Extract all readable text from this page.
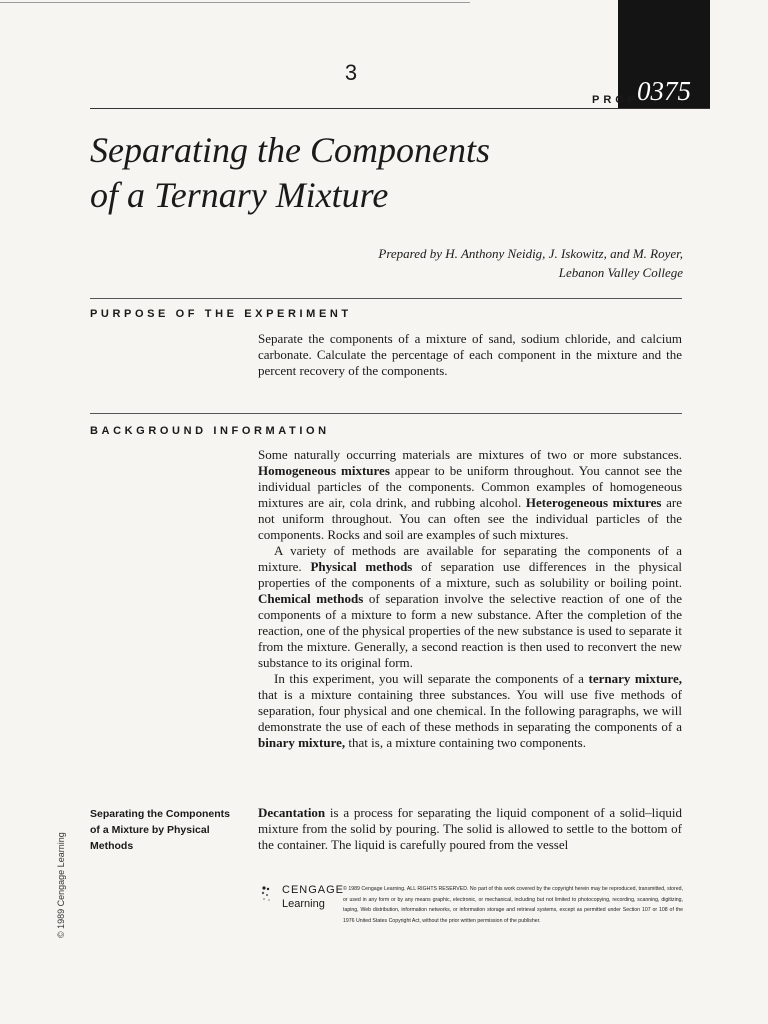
3
0375
PROP
Separating the Components
of a Ternary Mixture
Prepared by H. Anthony Neidig, J. Iskowitz, and M. Royer,
Lebanon Valley College
PURPOSE OF THE EXPERIMENT

Separate the components of a mixture of sand, sodium chloride, and calcium carbonate. Calculate the percentage of each component in the mixture and the percent recovery of the components.

BACKGROUND INFORMATION

Some naturally occurring materials are mixtures of two or more substances. Homogeneous mixtures appear to be uniform throughout. You cannot see the individual particles of the components. Common examples of homogeneous mixtures are air, cola drink, and rubbing alcohol. Heterogeneous mixtures are not uniform throughout. You can often see the individual particles of the components. Rocks and soil are examples of such mixtures.

A variety of methods are available for separating the components of a mixture. Physical methods of separation use differences in the physical properties of the components of a mixture, such as solubility or boiling point. Chemical methods of separation involve the selective reaction of one of the components of a mixture to form a new substance. After the completion of the reaction, one of the physical properties of the new substance is used to separate it from the mixture. Generally, a second reaction is then used to reconvert the new substance to its original form.

In this experiment, you will separate the components of a ternary mixture, that is a mixture containing three substances. You will use five methods of separation, four physical and one chemical. In the following paragraphs, we will demonstrate the use of each of these methods in separating the components of a binary mixture, that is, a mixture containing two components.

Separating the Components
of a Mixture by Physical
Methods

Decantation is a process for separating the liquid component of a solid–liquid mixture from the solid by pouring. The solid is allowed to settle to the bottom of the container. The liquid is carefully poured from the vessel

© 1989 Cengage Learning	CENGAGE
Learning
© 1989 Cengage Learning. ALL RIGHTS RESERVED. No part of this work covered by the copyright herein may be reproduced, transmitted, stored, or used in any form or by any means graphic, electronic, or mechanical, including but not limited to photocopying, recording, scanning, digitizing, taping, Web distribution, information networks, or information storage and retrieval systems, except as permitted under Section 107 or 108 of the 1976 United States Copyright Act, without the prior written permission of the publisher.
